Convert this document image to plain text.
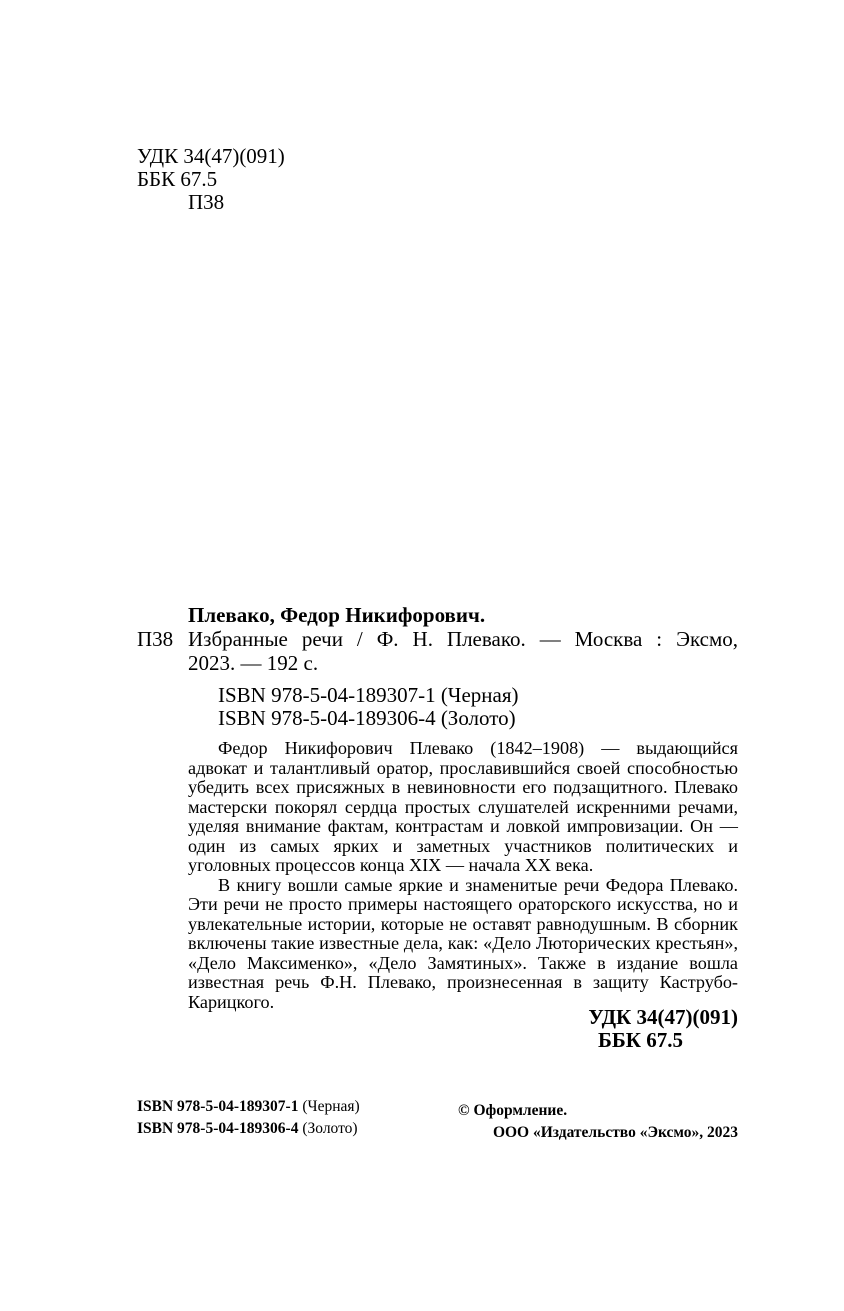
УДК 34(47)(091)
ББК 67.5
П38
Плевако, Федор Никифорович.
П38 Избранные речи / Ф. Н. Плевако. — Москва : Эксмо,
2023. — 192 с.
ISBN 978-5-04-189307-1 (Черная)
ISBN 978-5-04-189306-4 (Золото)

Федор Никифорович Плевако (1842–1908) — выдающийся адвокат и талантливый оратор, прославившийся своей способностью убедить всех присяжных в невиновности его подзащитного. Плевако мастерски покорял сердца простых слушателей искренними речами, уделяя внимание фактам, контрастам и ловкой импровизации. Он — один из самых ярких и заметных участников политических и уголовных процессов конца XIX — начала XX века.

В книгу вошли самые яркие и знаменитые речи Федора Плевако. Эти речи не просто примеры настоящего ораторского искусства, но и увлекательные истории, которые не оставят равнодушным. В сборник включены такие известные дела, как: «Дело Люторических крестьян», «Дело Максименко», «Дело Замятиных». Также в издание вошла известная речь Ф.Н. Плевако, произнесенная в защиту Каструбо-Карицкого.

УДК 34(47)(091)
ББК 67.5
ISBN 978-5-04-189307-1 (Черная)
ISBN 978-5-04-189306-4 (Золото)
© Оформление.
ООО «Издательство «Эксмо», 2023
